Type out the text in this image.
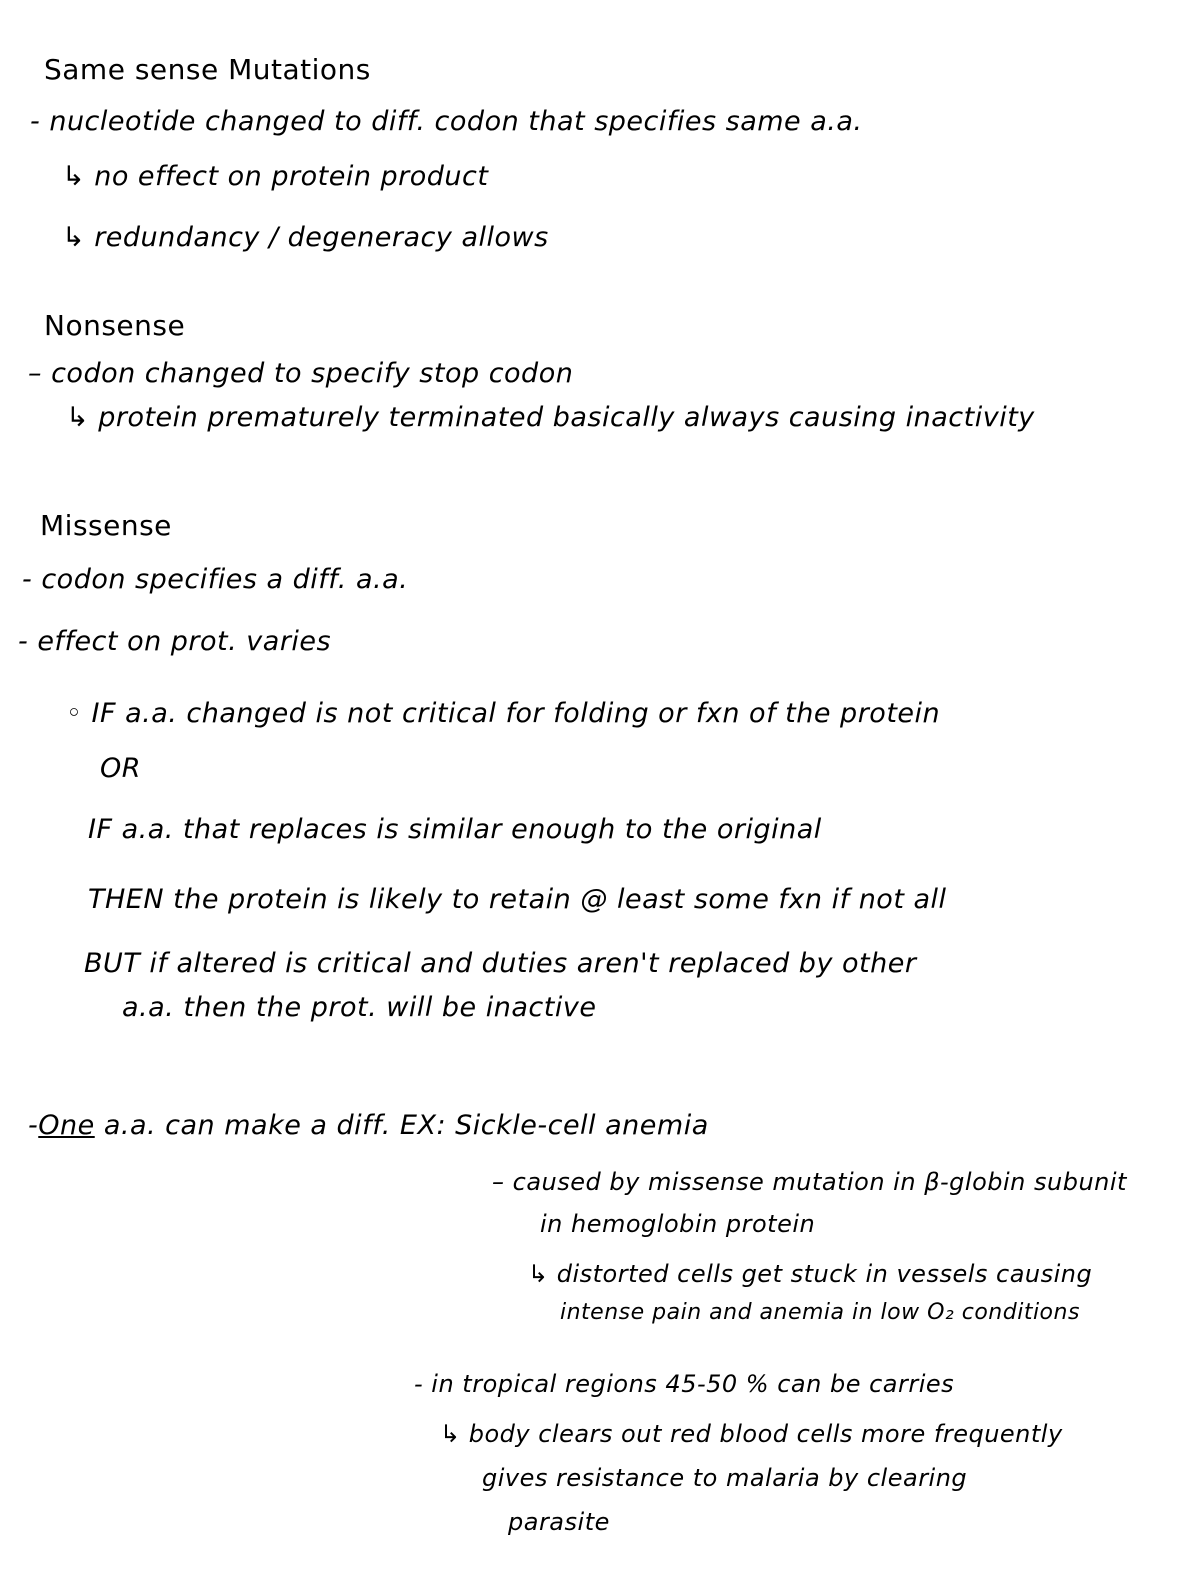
Same sense Mutations
- nucleotide changed to diff. codon that specifies same a.a.
↳ no effect on protein product
↳ redundancy / degeneracy allows
Nonsense
– codon changed to specify stop codon
↳ protein prematurely terminated basically always causing inactivity
Missense
- codon specifies a diff. a.a.
- effect on prot. varies
◦ IF a.a. changed is not critical for folding or fxn of the protein
OR
IF a.a. that replaces is similar enough to the original
THEN the protein is likely to retain @ least some fxn if not all
BUT if altered is critical and duties aren't replaced by other
a.a. then the prot. will be inactive
-One a.a. can make a diff. EX: Sickle-cell anemia
– caused by missense mutation in β-globin subunit
in hemoglobin protein
↳ distorted cells get stuck in vessels causing
intense pain and anemia in low O₂ conditions
- in tropical regions 45-50 % can be carries
↳ body clears out red blood cells more frequently
gives resistance to malaria by clearing
parasite
